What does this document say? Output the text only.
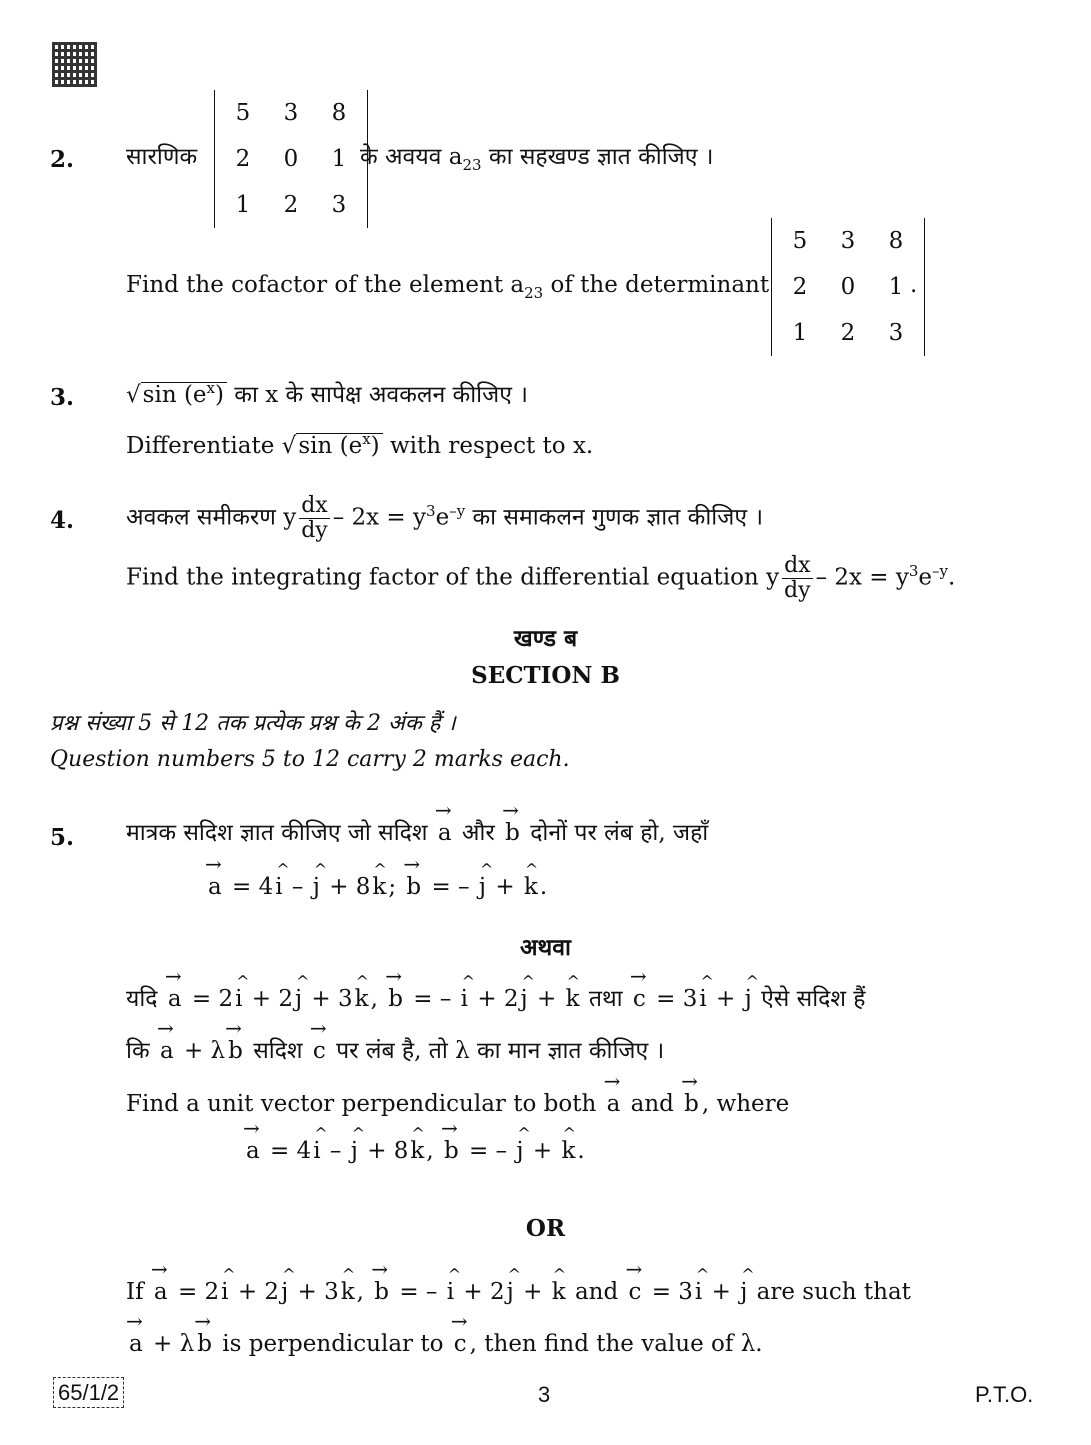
2. सारणिक
5	3	8
2	0	1
1	2	3
के अवयव $a_{23}$ का सहखण्ड ज्ञात कीजिए ।
Find the cofactor of the element $a_{23}$ of the determinant
5	3	8
2	0	1
1	2	3
.
3. √sin $(e^x)$ का x के सापेक्ष अवकलन कीजिए ।
Differentiate √sin $(e^x)$ with respect to x.
4. अवकल समीकरण y $\frac{dx}{dy} - 2x = y^3e^{-y}$ का समाकलन गुणक ज्ञात कीजिए ।
Find the integrating factor of the differential equation y $\frac{dx}{dy} - 2x = y^3e^{-y}$.
खण्ड ब
SECTION B
प्रश्न संख्या 5 से 12 तक प्रत्येक प्रश्न के 2 अंक हैं ।
Question numbers 5 to 12 carry 2 marks each.
5. मात्रक सदिश ज्ञात कीजिए जो सदिश → a और → b दोनों पर लंब हो, जहाँ
→ a = 4^ i – ^ j + 8^ k; → b = – ^ j + ^ k.
अथवा
यदि → a = 2^ i + 2^ j + 3^ k, → b = – ^ i + 2^ j + ^ k तथा → c = 3^ i + ^ j ऐसे सदिश हैं
कि → a + λ → b सदिश → c पर लंब है, तो λ का मान ज्ञात कीजिए ।
Find a unit vector perpendicular to both → a and → b , where
→ a = 4^ i – ^ j + 8^ k, → b = – ^ j + ^ k.
OR
If → a = 2^ i + 2^ j + 3^ k, → b = – ^ i + 2^ j + ^ k and → c = 3^ i + ^ j are such that
→ a + λ → b is perpendicular to → c , then find the value of λ.
65/1/2	3	P.T.O.
